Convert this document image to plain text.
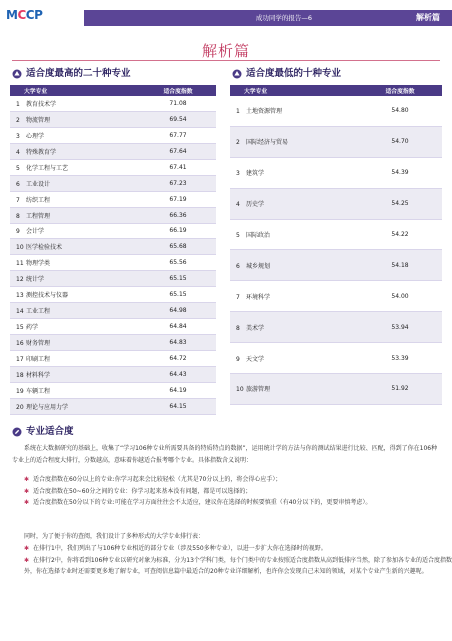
MCCP	成功同学的报告—6	解析篇
解析篇
适合度最高的二十种专业	适合度最低的十种专业
大学专业	适合度指数
1 教育技术学	71.08
2 物流管理	69.54
3 心理学	67.77
4 特殊教育学	67.64
5 化学工程与工艺	67.41
6 工业设计	67.23
7 纺织工程	67.19
8 工程管理	66.36
9 会计学	66.19
10 医学检验技术	65.68
11 物理学类	65.56
12 统计学	65.15
13 测控技术与仪器	65.15
14 工业工程	64.98
15 药学	64.84
16 财务管理	64.83
17 印刷工程	64.72
18 材料科学	64.43
19 车辆工程	64.19
20 理论与应用力学	64.15
大学专业	适合度指数
1 土地资源管理	54.80
2 国际经济与贸易	54.70
3 建筑学	54.39
4 历史学	54.25
5 国际政治	54.22
6 城乡规划	54.18
7 环境科学	54.00
8 美术学	53.94
9 天文学	53.39
10 旅游管理	51.92
专业适合度
系统在大数据研究的基础上，收集了“学习106种专业所需要具备的特质特点的数据”，运用统计学的方法与你的测试结果进行比较、匹配，得到了你在106种专业上的适合程度大排行，分数越高，意味着你越适合报考哪个专业。具体指数含义说明：
✱ 适合度指数在60分以上的专业:你学习起来会比较轻松（尤其是70分以上的，将会得心应手）；
✱ 适合度指数在50~60分之间的专业：你学习起来基本没有问题，都是可以选择的；
✱ 适合度指数在50分以下的专业:可能在学习方面往往会不太适应，建议你在选择的时候要慎重（有40分以下的，更要审慎考虑）。
同时，为了便于你的查阅，我们设计了多种形式的大学专业排行表：
✱ 在排行1中，我们列出了与106种专业相近的部分专业（涉及550多种专业），以进一步扩大你在选择时的视野。
✱ 在排行2中，你将看到106种专业以研究对象为标准，分为13个学科门类，每个门类中的专业按照适合度指数从高到低排序当然，除了参加各专业的适合度指数外，你在选择专业时还需要更多地了解专业，可查阅信息篇中最适合的20种专业详细解析，也许你会发现自己未知的领域，对某个专业产生新的兴趣呢。
